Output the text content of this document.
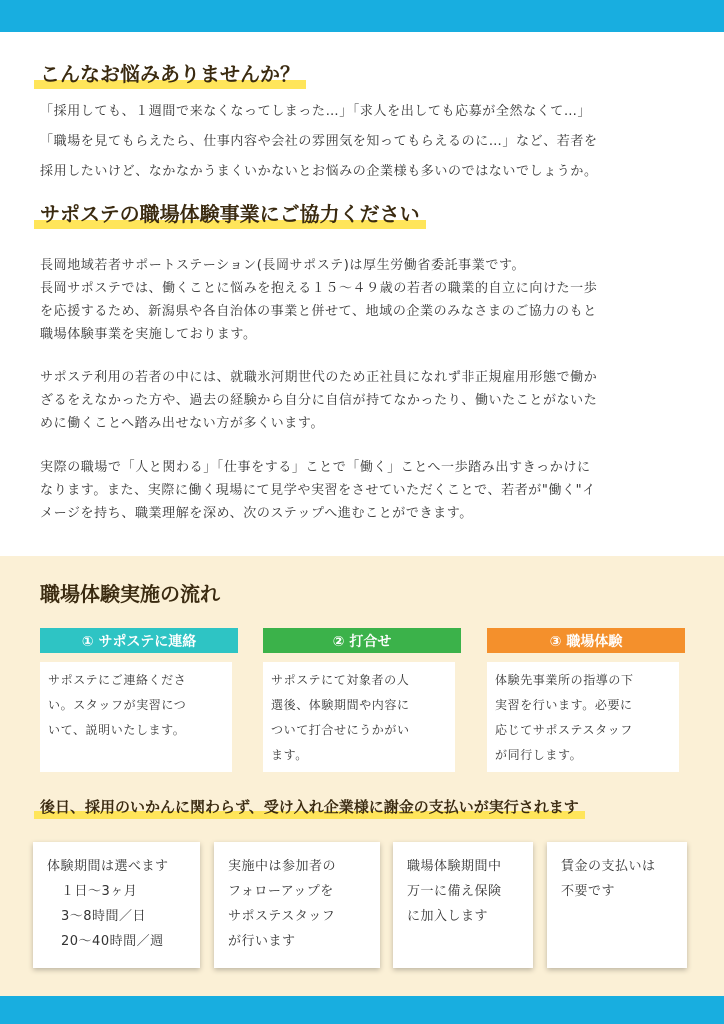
こんなお悩みありませんか？

「採用しても、１週間で来なくなってしまった…」「求人を出しても応募が全然なくて…」

「職場を見てもらえたら、仕事内容や会社の雰囲気を知ってもらえるのに…」など、若者を

採用したいけど、なかなかうまくいかないとお悩みの企業様も多いのではないでしょうか。

サポステの職場体験事業にご協力ください

長岡地域若者サポートステーション(長岡サポステ)は厚生労働省委託事業です。

長岡サポステでは、働くことに悩みを抱える１５～４９歳の若者の職業的自立に向けた一歩

を応援するため、新潟県や各自治体の事業と併せて、地域の企業のみなさまのご協力のもと

職場体験事業を実施しております。

サポステ利用の若者の中には、就職氷河期世代のため正社員になれず非正規雇用形態で働か

ざるをえなかった方や、過去の経験から自分に自信が持てなかったり、働いたことがないた

めに働くことへ踏み出せない方が多くいます。

実際の職場で「人と関わる」「仕事をする」ことで「働く」ことへ一歩踏み出すきっかけに

なります。また、実際に働く現場にて見学や実習をさせていただくことで、若者が"働く"イ

メージを持ち、職業理解を深め、次のステップへ進むことができます。

職場体験実施の流れ
① サポステに連絡	② 打合せ	③ 職場体験
サポステにご連絡くださ
い。スタッフが実習につ
いて、説明いたします。
サポステにて対象者の人
選後、体験期間や内容に
ついて打合せにうかがい
ます。
体験先事業所の指導の下
実習を行います。必要に
応じてサポステスタッフ
が同行します。
後日、採用のいかんに関わらず、受け入れ企業様に謝金の支払いが実行されます
体験期間は選べます
１日～3ヶ月
3～8時間／日
20～40時間／週
実施中は参加者の
フォローアップを
サポステスタッフ
が行います
職場体験期間中
万一に備え保険
に加入します
賃金の支払いは
不要です
